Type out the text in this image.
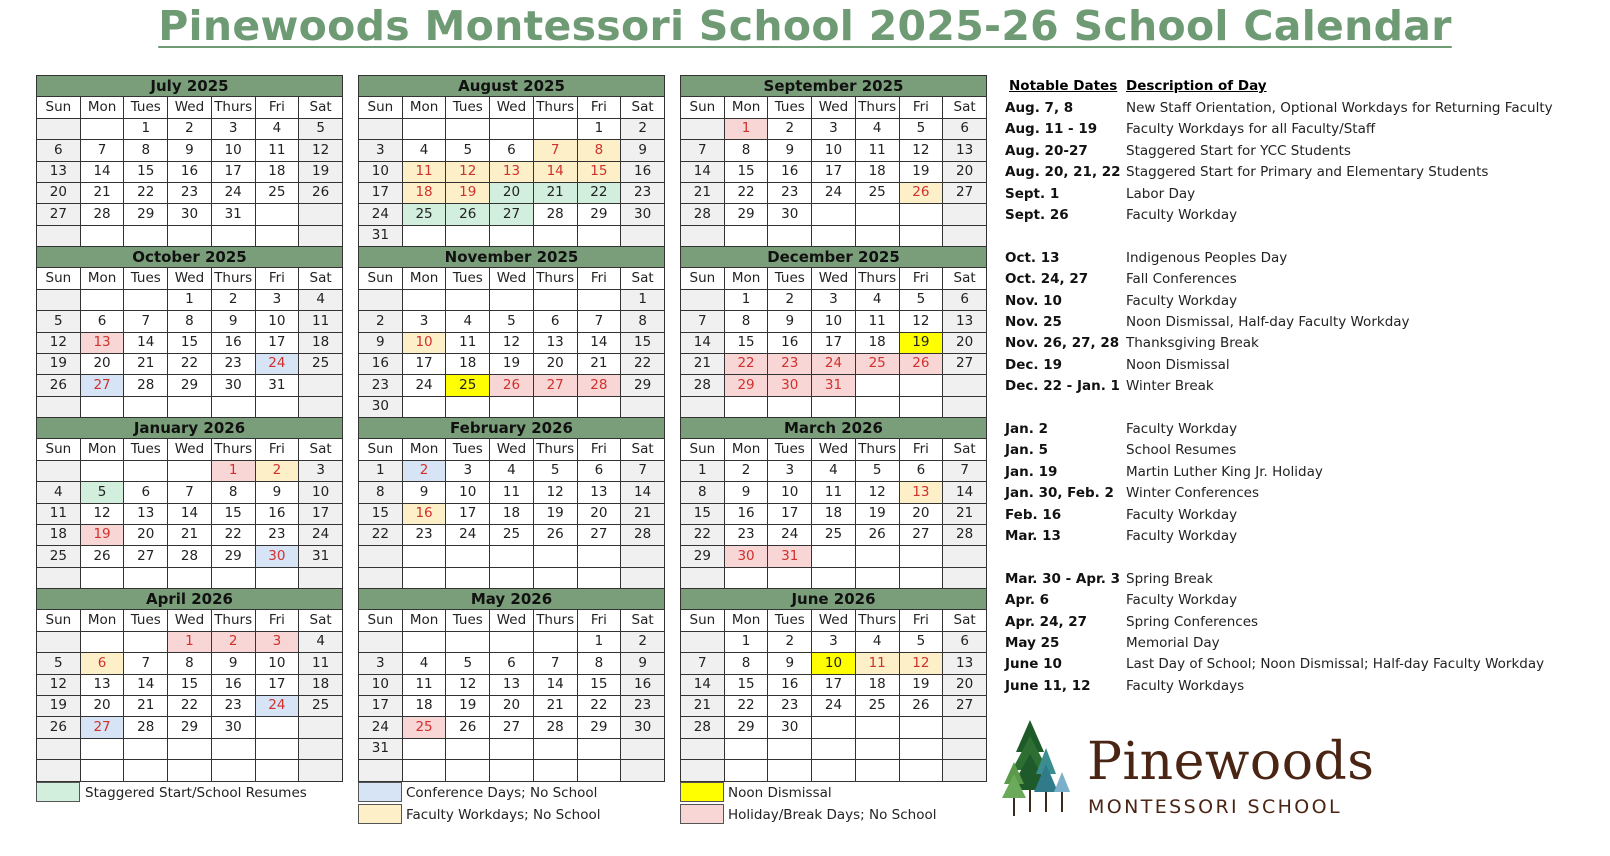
Pinewoods Montessori School 2025-26 School Calendar
July 2025						
Sun	Mon	Tues	Wed	Thurs	Fri	Sat
		1	2	3	4	5
6	7	8	9	10	11	12
13	14	15	16	17	18	19
20	21	22	23	24	25	26
27	28	29	30	31		

August 2025						
Sun	Mon	Tues	Wed	Thurs	Fri	Sat
					1	2
3	4	5	6	7	8	9
10	11	12	13	14	15	16
17	18	19	20	21	22	23
24	25	26	27	28	29	30
31						

September 2025						
Sun	Mon	Tues	Wed	Thurs	Fri	Sat
	1	2	3	4	5	6
7	8	9	10	11	12	13
14	15	16	17	18	19	20
21	22	23	24	25	26	27
28	29	30				

October 2025						
Sun	Mon	Tues	Wed	Thurs	Fri	Sat
			1	2	3	4
5	6	7	8	9	10	11
12	13	14	15	16	17	18
19	20	21	22	23	24	25
26	27	28	29	30	31	

November 2025						
Sun	Mon	Tues	Wed	Thurs	Fri	Sat
						1
2	3	4	5	6	7	8
9	10	11	12	13	14	15
16	17	18	19	20	21	22
23	24	25	26	27	28	29
30						

December 2025						
Sun	Mon	Tues	Wed	Thurs	Fri	Sat
	1	2	3	4	5	6
7	8	9	10	11	12	13
14	15	16	17	18	19	20
21	22	23	24	25	26	27
28	29	30	31			

January 2026						
Sun	Mon	Tues	Wed	Thurs	Fri	Sat
				1	2	3
4	5	6	7	8	9	10
11	12	13	14	15	16	17
18	19	20	21	22	23	24
25	26	27	28	29	30	31

February 2026						
Sun	Mon	Tues	Wed	Thurs	Fri	Sat
1	2	3	4	5	6	7
8	9	10	11	12	13	14
15	16	17	18	19	20	21
22	23	24	25	26	27	28

March 2026						
Sun	Mon	Tues	Wed	Thurs	Fri	Sat
1	2	3	4	5	6	7
8	9	10	11	12	13	14
15	16	17	18	19	20	21
22	23	24	25	26	27	28
29	30	31				

April 2026						
Sun	Mon	Tues	Wed	Thurs	Fri	Sat
			1	2	3	4
5	6	7	8	9	10	11
12	13	14	15	16	17	18
19	20	21	22	23	24	25
26	27	28	29	30		

May 2026						
Sun	Mon	Tues	Wed	Thurs	Fri	Sat
					1	2
3	4	5	6	7	8	9
10	11	12	13	14	15	16
17	18	19	20	21	22	23
24	25	26	27	28	29	30
31						

June 2026						
Sun	Mon	Tues	Wed	Thurs	Fri	Sat
	1	2	3	4	5	6
7	8	9	10	11	12	13
14	15	16	17	18	19	20
21	22	23	24	25	26	27
28	29	30				

Staggered Start/School Resumes	Conference Days; No School
Faculty Workdays; No School
Noon Dismissal
Holiday/Break Days; No School
Notable Dates Description of Day
Aug. 7, 8	New Staff Orientation, Optional Workdays for Returning Faculty
Aug. 11 - 19 Faculty Workdays for all Faculty/Staff
Aug. 20-27	Staggered Start for YCC Students
Aug. 20, 21, 22 Staggered Start for Primary and Elementary Students
Sept. 1	Labor Day
Sept. 26	Faculty Workday
Oct. 13	Indigenous Peoples Day
Oct. 24, 27	Fall Conferences
Nov. 10	Faculty Workday
Nov. 25	Noon Dismissal, Half-day Faculty Workday
Nov. 26, 27, 28 Thanksgiving Break
Dec. 19	Noon Dismissal
Dec. 22 - Jan. 1 Winter Break
Jan. 2	Faculty Workday
Jan. 5	School Resumes
Jan. 19	Martin Luther King Jr. Holiday
Jan. 30, Feb. 2 Winter Conferences
Feb. 16	Faculty Workday
Mar. 13	Faculty Workday
Mar. 30 - Apr. 3 Spring Break
Apr. 6	Faculty Workday
Apr. 24, 27	Spring Conferences
May 25	Memorial Day
June 10	Last Day of School; Noon Dismissal; Half-day Faculty Workday
June 11, 12	Faculty Workdays
Pinewoods
MONTESSORI SCHOOL
